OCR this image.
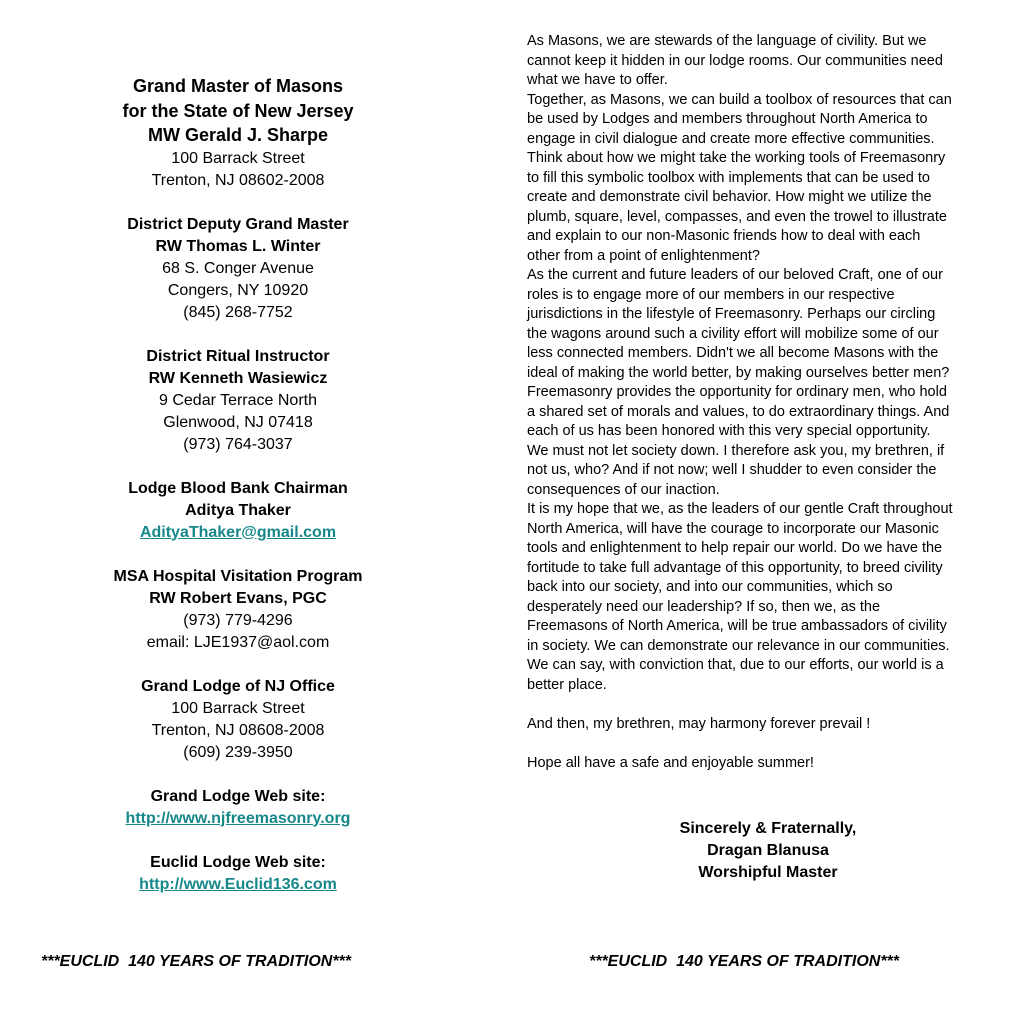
Grand Master of Masons
for the State of New Jersey
MW Gerald J. Sharpe
100 Barrack Street
Trenton, NJ 08602-2008
District Deputy Grand Master
RW Thomas L. Winter
68 S. Conger Avenue
Congers, NY 10920
(845) 268-7752
District Ritual Instructor
RW Kenneth Wasiewicz
9 Cedar Terrace North
Glenwood, NJ 07418
(973) 764-3037
Lodge Blood Bank Chairman
Aditya Thaker
AdityaThaker@gmail.com
MSA Hospital Visitation Program
RW Robert Evans, PGC
(973) 779-4296
email: LJE1937@aol.com
Grand Lodge of NJ Office
100 Barrack Street
Trenton, NJ 08608-2008
(609) 239-3950
Grand Lodge Web site:
http://www.njfreemasonry.org
Euclid Lodge Web site:
http://www.Euclid136.com

As Masons, we are stewards of the language of civility. But we
cannot keep it hidden in our lodge rooms. Our communities need
what we have to offer.

Together, as Masons, we can build a toolbox of resources that can
be used by Lodges and members throughout North America to
engage in civil dialogue and create more effective communities.
Think about how we might take the working tools of Freemasonry
to fill this symbolic toolbox with implements that can be used to
create and demonstrate civil behavior. How might we utilize the
plumb, square, level, compasses, and even the trowel to illustrate
and explain to our non-Masonic friends how to deal with each
other from a point of enlightenment?

As the current and future leaders of our beloved Craft, one of our
roles is to engage more of our members in our respective
jurisdictions in the lifestyle of Freemasonry. Perhaps our circling
the wagons around such a civility effort will mobilize some of our
less connected members. Didn't we all become Masons with the
ideal of making the world better, by making ourselves better men?
Freemasonry provides the opportunity for ordinary men, who hold
a shared set of morals and values, to do extraordinary things. And
each of us has been honored with this very special opportunity.
We must not let society down. I therefore ask you, my brethren, if
not us, who? And if not now; well I shudder to even consider the
consequences of our inaction.

It is my hope that we, as the leaders of our gentle Craft throughout
North America, will have the courage to incorporate our Masonic
tools and enlightenment to help repair our world. Do we have the
fortitude to take full advantage of this opportunity, to breed civility
back into our society, and into our communities, which so
desperately need our leadership? If so, then we, as the
Freemasons of North America, will be true ambassadors of civility
in society. We can demonstrate our relevance in our communities.
We can say, with conviction that, due to our efforts, our world is a
better place.

And then, my brethren, may harmony forever prevail !

Hope all have a safe and enjoyable summer!

Sincerely & Fraternally,
Dragan Blanusa
Worshipful Master
***EUCLID  140 YEARS OF TRADITION***	***EUCLID  140 YEARS OF TRADITION***
